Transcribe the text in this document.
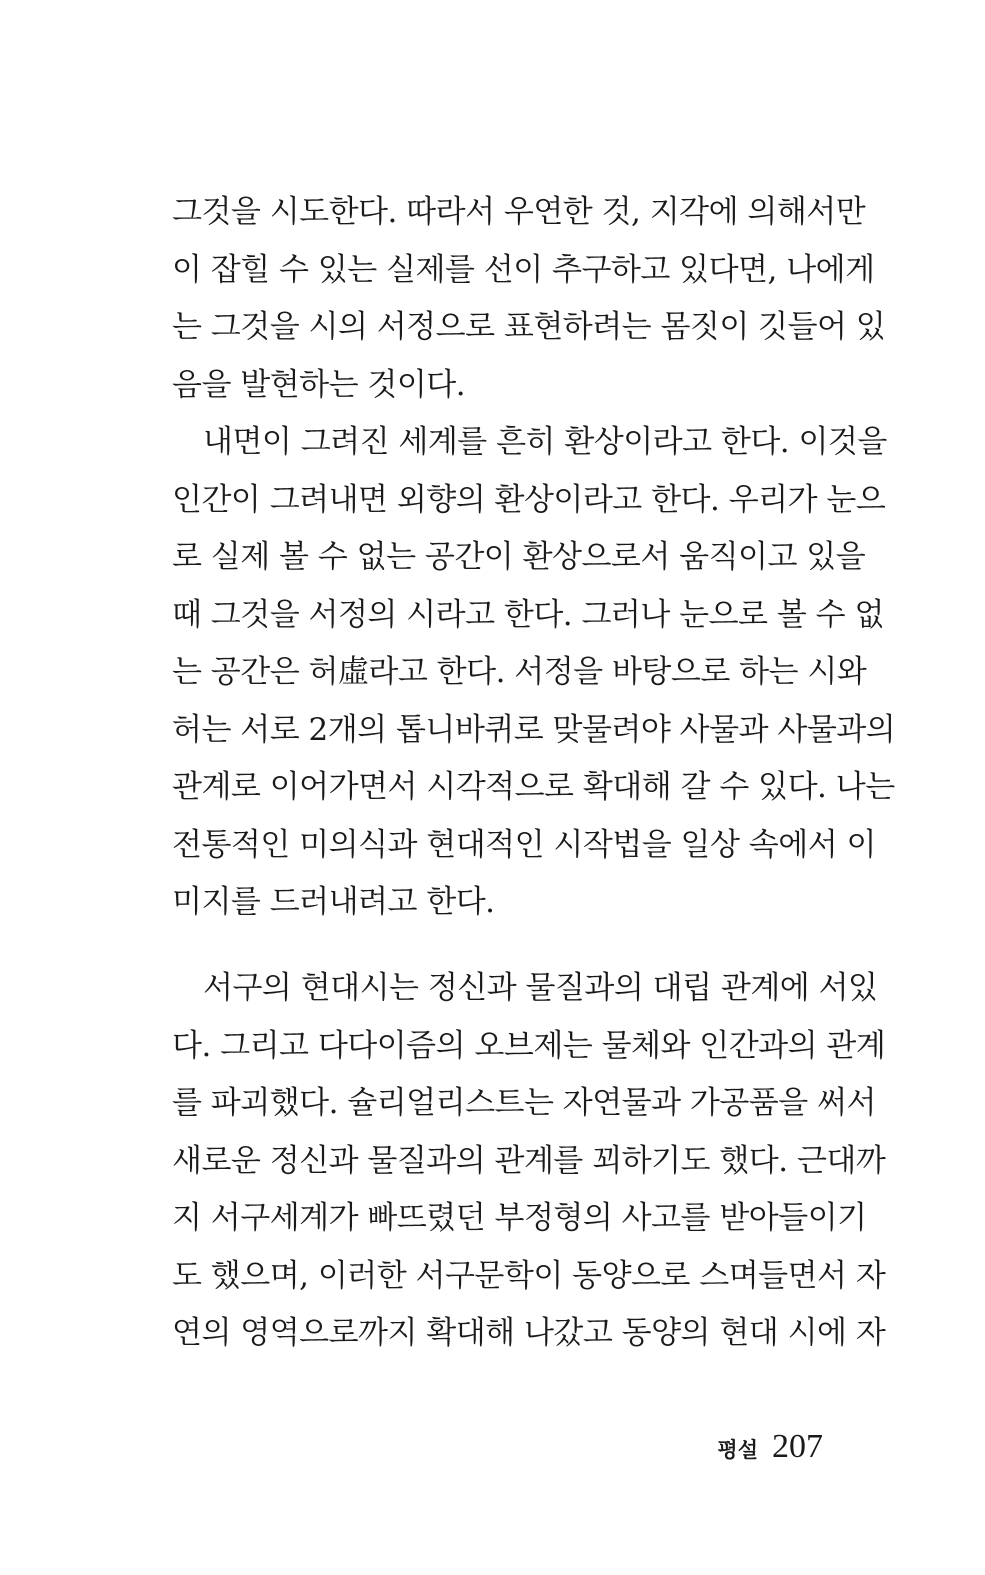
그것을 시도한다. 따라서 우연한 것, 지각에 의해서만
이 잡힐 수 있는 실제를 선이 추구하고 있다면, 나에게
는 그것을 시의 서정으로 표현하려는 몸짓이 깃들어 있
음을 발현하는 것이다.
내면이 그려진 세계를 흔히 환상이라고 한다. 이것을
인간이 그려내면 외향의 환상이라고 한다. 우리가 눈으
로 실제 볼 수 없는 공간이 환상으로서 움직이고 있을
때 그것을 서정의 시라고 한다. 그러나 눈으로 볼 수 없
는 공간은 허虛라고 한다. 서정을 바탕으로 하는 시와
허는 서로 2개의 톱니바퀴로 맞물려야 사물과 사물과의
관계로 이어가면서 시각적으로 확대해 갈 수 있다. 나는
전통적인 미의식과 현대적인 시작법을 일상 속에서 이
미지를 드러내려고 한다.
서구의 현대시는 정신과 물질과의 대립 관계에 서있
다. 그리고 다다이즘의 오브제는 물체와 인간과의 관계
를 파괴했다. 슐리얼리스트는 자연물과 가공품을 써서
새로운 정신과 물질과의 관계를 꾀하기도 했다. 근대까
지 서구세계가 빠뜨렸던 부정형의 사고를 받아들이기
도 했으며, 이러한 서구문학이 동양으로 스며들면서 자
연의 영역으로까지 확대해 나갔고 동양의 현대 시에 자
평설 207
